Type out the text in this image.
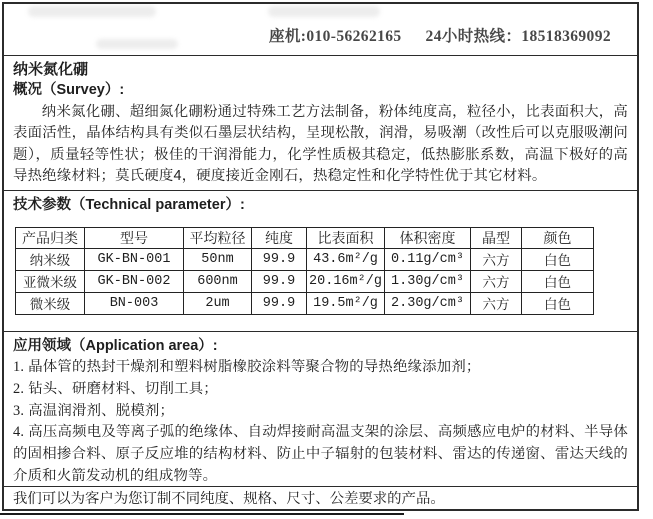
座机:010-56262165 24小时热线：18518369092
纳米氮化硼
概况（Survey）:
纳米氮化硼、超细氮化硼粉通过特殊工艺方法制备，粉体纯度高，粒径小，比表面积大，高表面活性，晶体结构具有类似石墨层状结构，呈现松散，润滑，易吸潮（改性后可以克服吸潮问题），质量轻等性状；极佳的干润滑能力，化学性质极其稳定，低热膨胀系数，高温下极好的高导热绝缘材料；莫氏硬度4，硬度接近金刚石，热稳定性和化学特性优于其它材料。
技术参数（Technical parameter）:
产品归类	型号	平均粒径	纯度	比表面积	体积密度	晶型	颜色
纳米级	GK-BN-001	50nm	99.9	43.6m²/g	0.11g/cm³	六方	白色
亚微米级	GK-BN-002	600nm	99.9	20.16m²/g	1.30g/cm³	六方	白色
微米级	BN-003	2um	99.9	19.5m²/g	2.30g/cm³	六方	白色
应用领域（Application area）:
1. 晶体管的热封干燥剂和塑料树脂橡胶涂料等聚合物的导热绝缘添加剂；
2. 钻头、研磨材料、切削工具；
3. 高温润滑剂、脱模剂；
4. 高压高频电及等离子弧的绝缘体、自动焊接耐高温支架的涂层、高频感应电炉的材料、半导体的固相掺合料、原子反应堆的结构材料、防止中子辐射的包装材料、雷达的传递窗、雷达天线的介质和火箭发动机的组成物等。
我们可以为客户为您订制不同纯度、规格、尺寸、公差要求的产品。
